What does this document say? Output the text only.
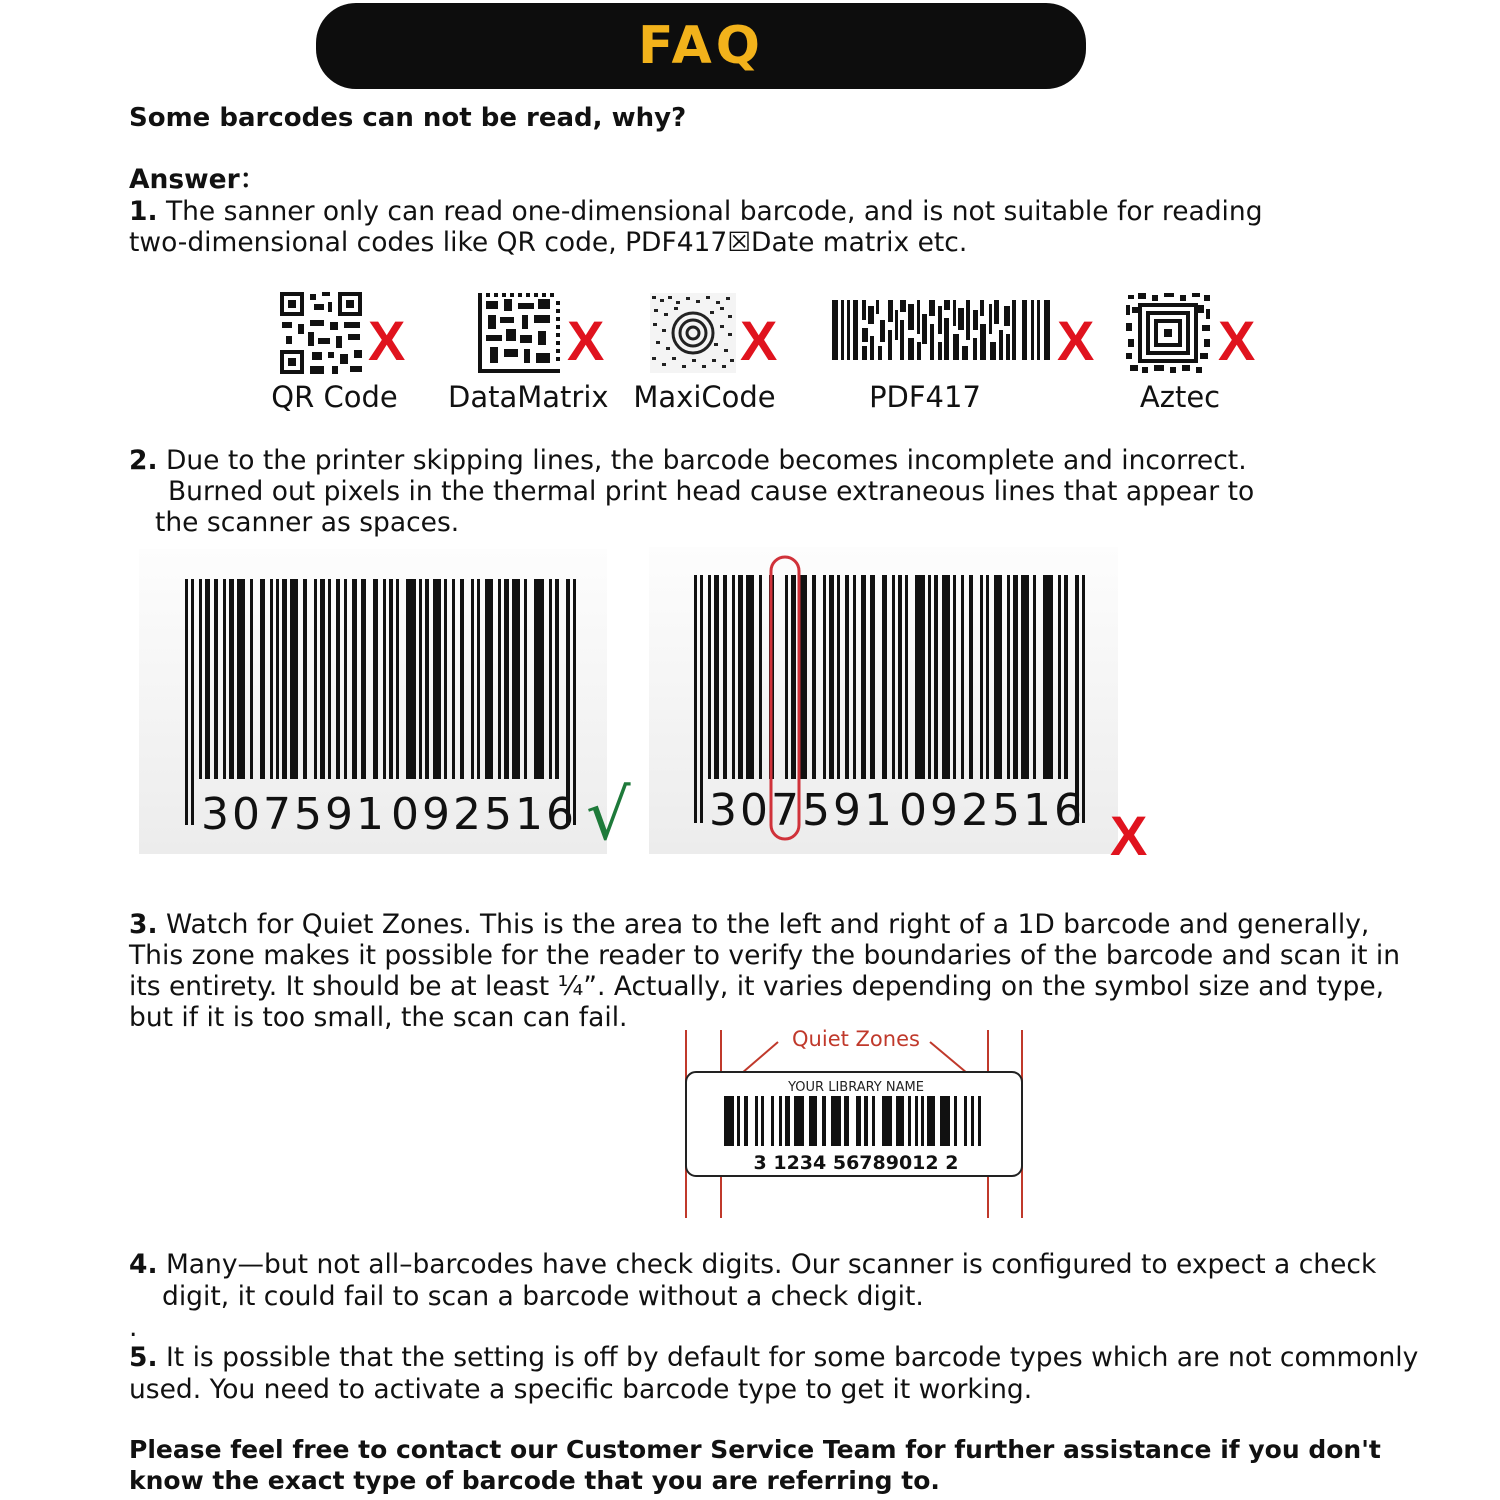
FAQ
Some barcodes can not be read, why?
Answer：
1. The sanner only can read one-dimensional barcode, and is not suitable for reading
two-dimensional codes like QR code, PDF417☒Date matrix etc.
X
QR Code
X
DataMatrix
X
MaxiCode
X
PDF417
X
Aztec
2. Due to the printer skipping lines, the barcode becomes incomplete and incorrect.
Burned out pixels in the thermal print head cause extraneous lines that appear to
the scanner as spaces.
307591 092516 √ 307591 092516 X
3. Watch for Quiet Zones. This is the area to the left and right of a 1D barcode and generally,
This zone makes it possible for the reader to verify the boundaries of the barcode and scan it in
its entirety. It should be at least ¼”. Actually, it varies depending on the symbol size and type,
but if it is too small, the scan can fail.
Quiet Zones
YOUR LIBRARY NAME
3 1234 56789012 2
4. Many—but not all–barcodes have check digits. Our scanner is configured to expect a check
digit, it could fail to scan a barcode without a check digit.
.
5. It is possible that the setting is off by default for some barcode types which are not commonly
used. You need to activate a specific barcode type to get it working.
Please feel free to contact our Customer Service Team for further assistance if you don't
know the exact type of barcode that you are referring to.
